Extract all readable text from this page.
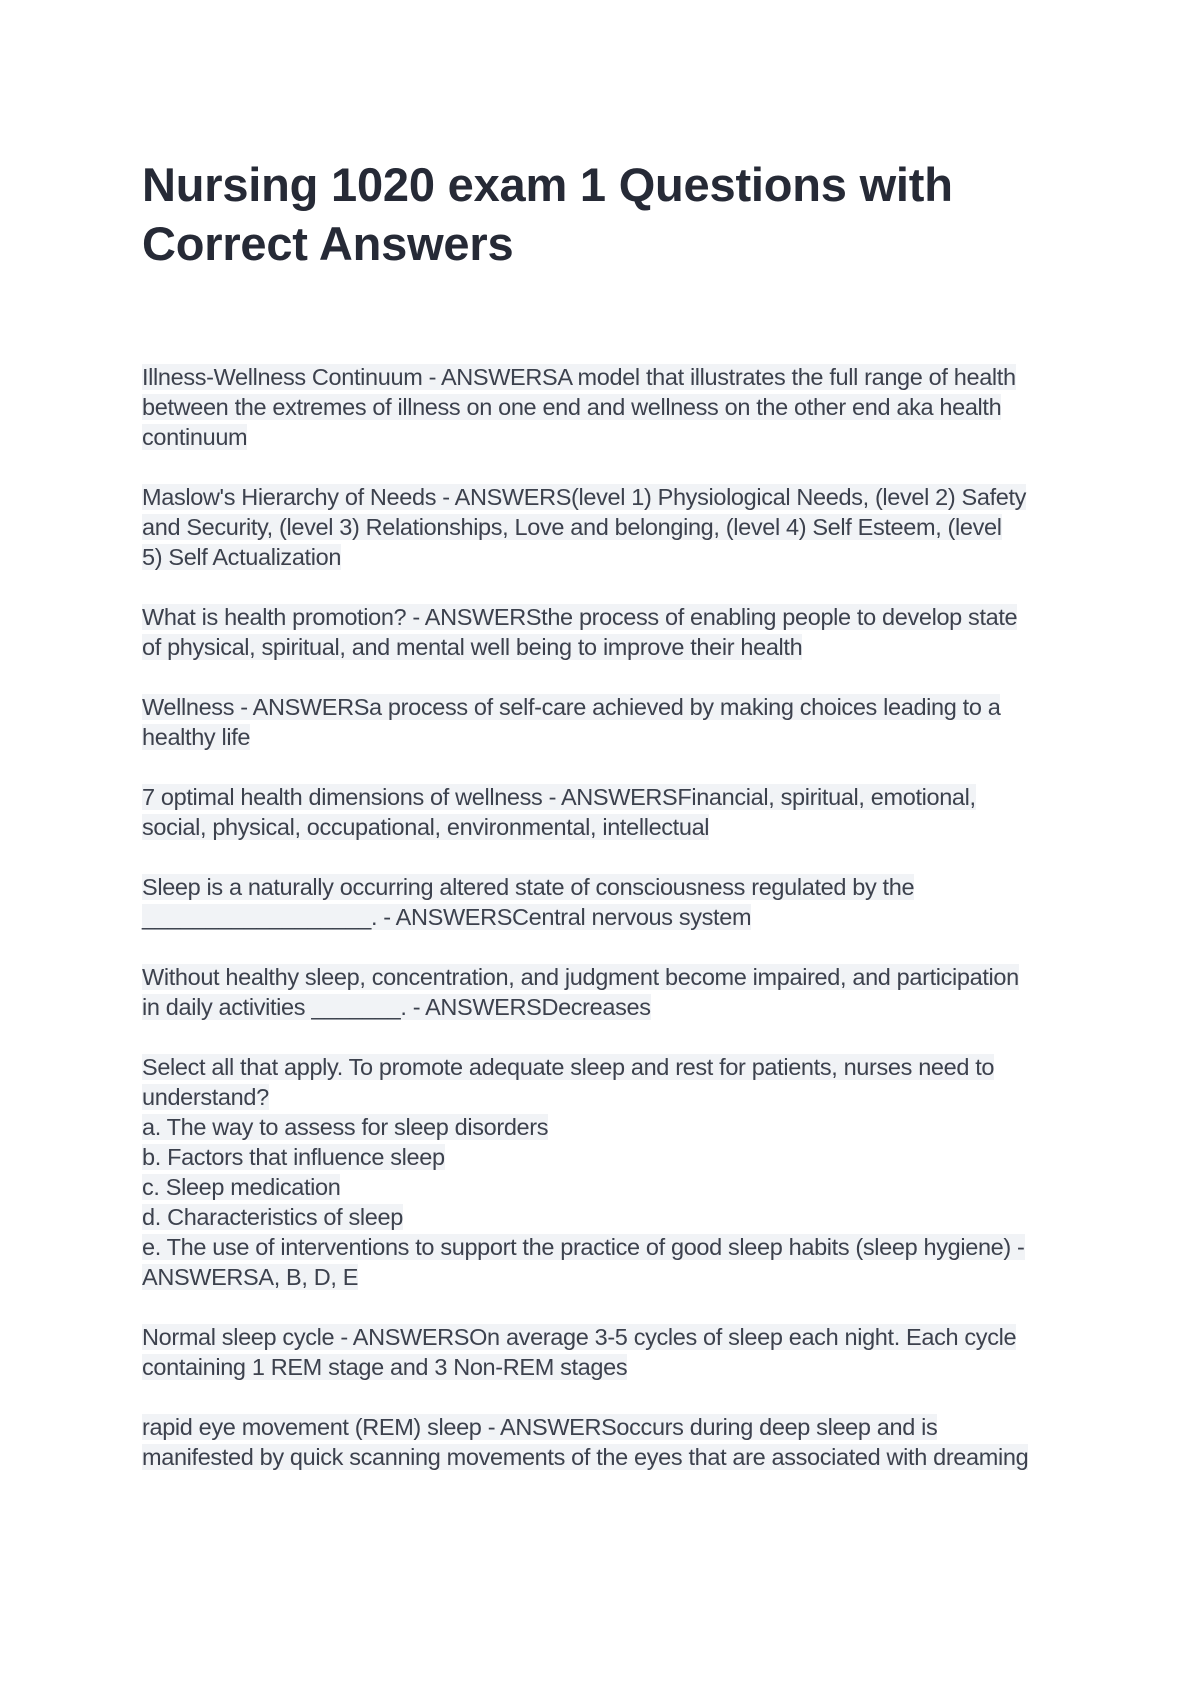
Nursing 1020 exam 1 Questions with
Correct Answers
Illness-Wellness Continuum - ANSWERSA model that illustrates the full range of health
between the extremes of illness on one end and wellness on the other end aka health
continuum
Maslow's Hierarchy of Needs - ANSWERS(level 1) Physiological Needs, (level 2) Safety
and Security, (level 3) Relationships, Love and belonging, (level 4) Self Esteem, (level
5) Self Actualization
What is health promotion? - ANSWERSthe process of enabling people to develop state
of physical, spiritual, and mental well being to improve their health
Wellness - ANSWERSa process of self-care achieved by making choices leading to a
healthy life
7 optimal health dimensions of wellness - ANSWERSFinancial, spiritual, emotional,
social, physical, occupational, environmental, intellectual
Sleep is a naturally occurring altered state of consciousness regulated by the
__________________. - ANSWERSCentral nervous system
Without healthy sleep, concentration, and judgment become impaired, and participation
in daily activities _______. - ANSWERSDecreases
Select all that apply. To promote adequate sleep and rest for patients, nurses need to
understand?
a. The way to assess for sleep disorders
b. Factors that influence sleep
c. Sleep medication
d. Characteristics of sleep
e. The use of interventions to support the practice of good sleep habits (sleep hygiene) -
ANSWERSA, B, D, E
Normal sleep cycle - ANSWERSOn average 3-5 cycles of sleep each night. Each cycle
containing 1 REM stage and 3 Non-REM stages
rapid eye movement (REM) sleep - ANSWERSoccurs during deep sleep and is
manifested by quick scanning movements of the eyes that are associated with dreaming
